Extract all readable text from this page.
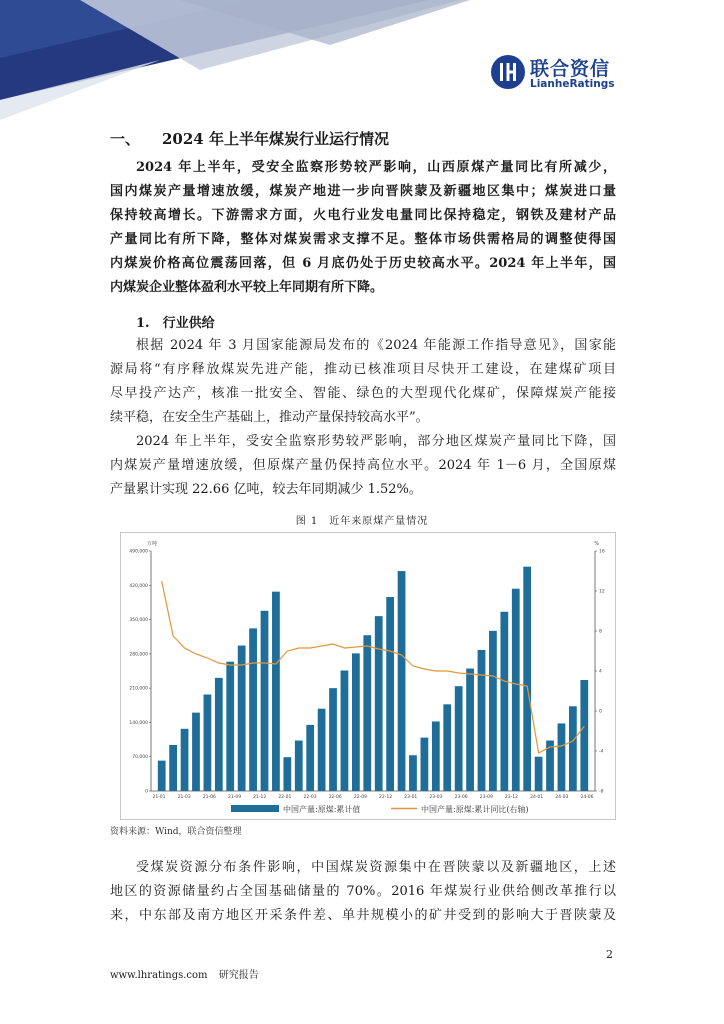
联合资信
LianheRatings
一、 2024 年上半年煤炭行业运行情况
2024 年上半年，受安全监察形势较严影响，山西原煤产量同比有所减少，
国内煤炭产量增速放缓，煤炭产地进一步向晋陕蒙及新疆地区集中；煤炭进口量
保持较高增长。下游需求方面，火电行业发电量同比保持稳定，钢铁及建材产品
产量同比有所下降，整体对煤炭需求支撑不足。整体市场供需格局的调整使得国
内煤炭价格高位震荡回落，但 6 月底仍处于历史较高水平。2024 年上半年，国
内煤炭企业整体盈利水平较上年同期有所下降。
1.　行业供给
根据 2024 年 3 月国家能源局发布的《2024 年能源工作指导意见》，国家能
源局将“有序释放煤炭先进产能，推动已核准项目尽快开工建设，在建煤矿项目
尽早投产达产，核准一批安全、智能、绿色的大型现代化煤矿，保障煤炭产能接
续平稳，在安全生产基础上，推动产量保持较高水平”。
2024 年上半年，受安全监察形势较严影响，部分地区煤炭产量同比下降，国
内煤炭产量增速放缓，但原煤产量仍保持高位水平。2024 年 1－6 月，全国原煤
产量累计实现 22.66 亿吨，较去年同期减少 1.52%。
图 1　近年来原煤产量情况
万吨	%
490,000
420,000
350,000
280,000
210,000
140,000
70,000
0
16
12
8
4
0
-4
-8
21-01	21-03	21-06	21-09	21-12	22-01	22-03	22-06	22-09	22-12	23-01	23-03	23-06	23-09	23-12	24-01	24-03	24-06
中国产量:原煤:累计值	中国产量:原煤:累计同比(右轴)
资料来源：Wind，联合资信整理
受煤炭资源分布条件影响，中国煤炭资源集中在晋陕蒙以及新疆地区，上述
地区的资源储量约占全国基础储量的 70%。2016 年煤炭行业供给侧改革推行以
来，中东部及南方地区开采条件差、单井规模小的矿井受到的影响大于晋陕蒙及
2
www.lhratings.com 研究报告
